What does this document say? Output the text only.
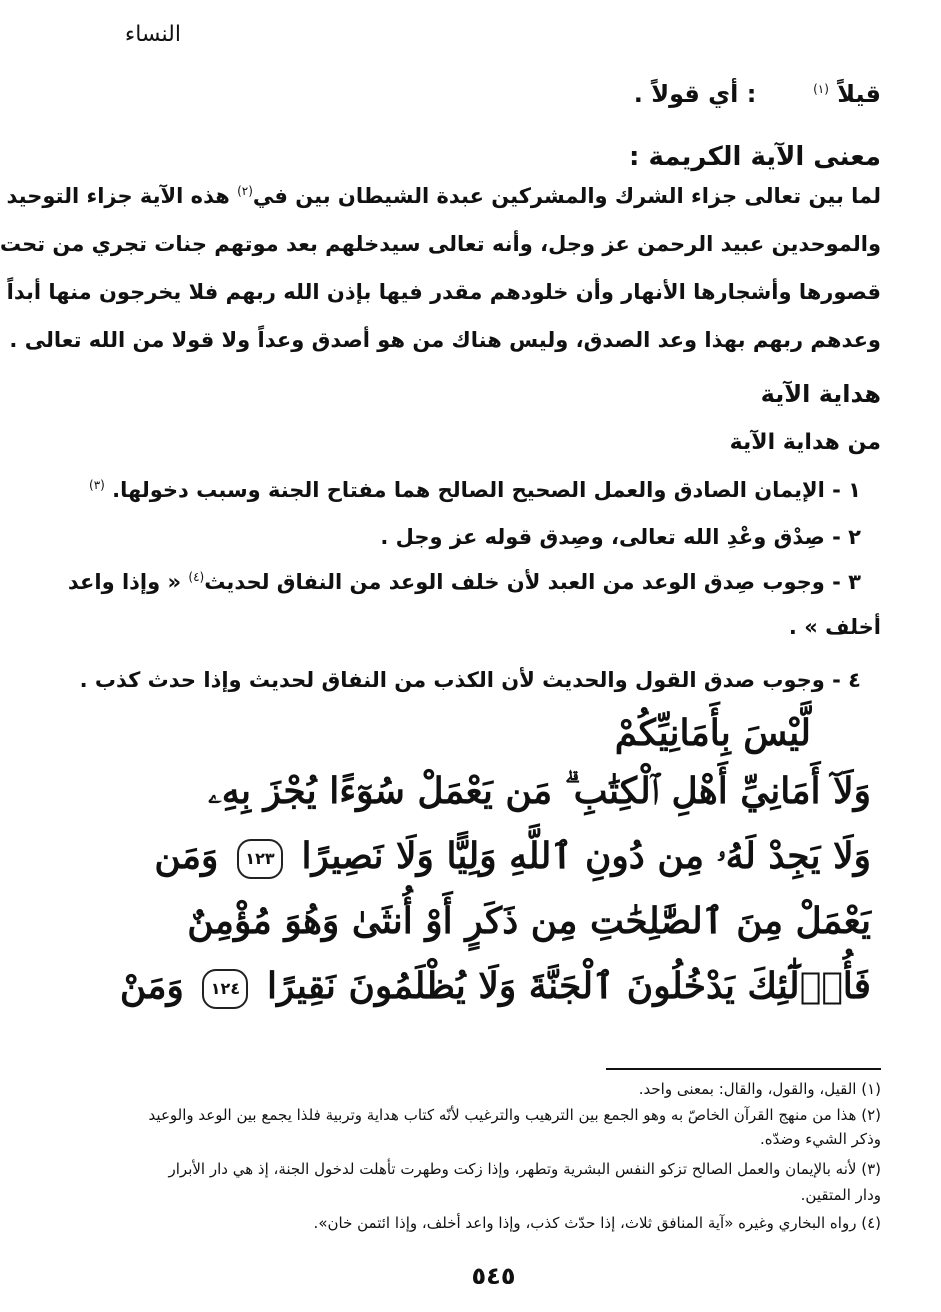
النساء
قيلاً $^{(١)}$  : أي قولاً .
معنى الآية الكريمة :
لما بين تعالى جزاء الشرك والمشركين عبدة الشيطان بين في$^{(٢)}$ هذه الآية جزاء التوحيد
والموحدين عبيد الرحمن عز وجل، وأنه تعالى سيدخلهم بعد موتهم جنات تجري من تحت
قصورها وأشجارها الأنهار وأن خلودهم مقدر فيها بإذن الله ربهم فلا يخرجون منها أبداً
وعدهم ربهم بهذا وعد الصدق، وليس هناك من هو أصدق وعداً ولا قولا من الله تعالى .
هداية الآية
من هداية الآية
١ - الإيمان الصادق والعمل الصحيح الصالح هما مفتاح الجنة وسبب دخولها. $^{(٣)}$
٢ - صِدْق وعْدِ الله تعالى، وصِدق قوله عز وجل .
٣ - وجوب صِدق الوعد من العبد لأن خلف الوعد من النفاق لحديث$^{(٤)}$ « وإذا واعد
أخلف » .
٤ - وجوب صدق القول والحديث لأن الكذب من النفاق لحديث وإذا حدث كذب .
لَّيْسَ بِأَمَانِيِّكُمْ
وَلَآ أَمَانِيِّ أَهْلِ ٱلْكِتَٰبِ ۗ مَن يَعْمَلْ سُوٓءًا يُجْزَ بِهِۦ
وَلَا يَجِدْ لَهُۥ مِن دُونِ ٱللَّهِ وَلِيًّا وَلَا نَصِيرًا ١٢٣ وَمَن
يَعْمَلْ مِنَ ٱلصَّٰلِحَٰتِ مِن ذَكَرٍ أَوْ أُنثَىٰ وَهُوَ مُؤْمِنٌ
فَأُو۟لَٰٓئِكَ يَدْخُلُونَ ٱلْجَنَّةَ وَلَا يُظْلَمُونَ نَقِيرًا ١٢٤ وَمَنْ
(١) القيل، والقول، والقال: بمعنى واحد.
(٢) هذا من منهج القرآن الخاصّ به وهو الجمع بين الترهيب والترغيب لأنّه كتاب هداية وتربية فلذا يجمع بين الوعد والوعيد
وذكر الشيء وضدّه.
(٣) لأنه بالإيمان والعمل الصالح تزكو النفس البشرية وتطهر، وإذا زكت وطهرت تأهلت لدخول الجنة، إذ هي دار الأبرار
ودار المتقين.
(٤) رواه البخاري وغيره «آية المنافق ثلاث، إذا حدّث كذب، وإذا واعد أخلف، وإذا ائتمن خان».
٥٤٥
